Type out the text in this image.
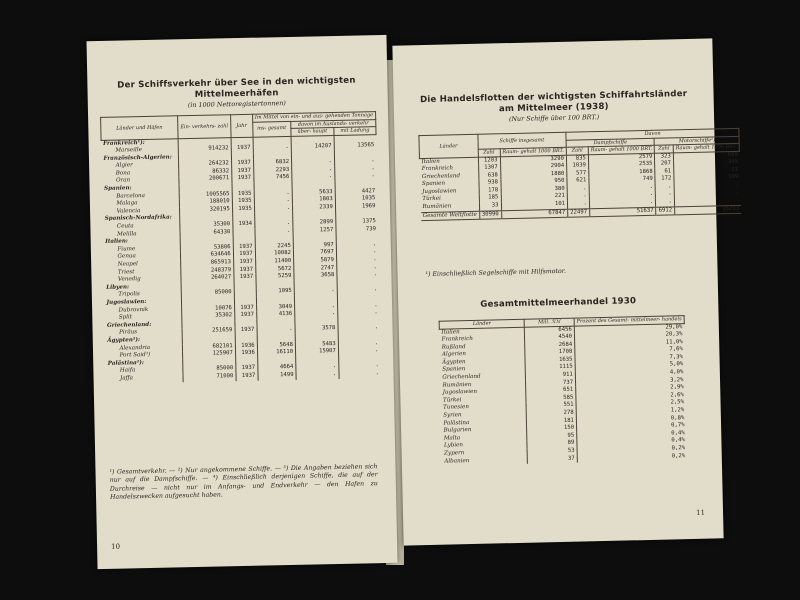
Der Schiffsverkehr über See in den wichtigsten Mittelmeerhäfen
(in 1000 Nettoregistertonnen)
Länder und Häfen	Ein- verkehrs- zahl	Jahr	Im Mittel von ein- und aus- gehenden Tonnage		
			ins- gesamt	davon im Auslands- verkehr	
				über- haupt	mit Ladung
Frankreich¹):					
Marseille	914232	1937	.	14207	13565
Französisch-Algerien:					
Algier	264232	1937	6832	.	.
Bona	86332	1937	2293	.	.
Oran	200671	1937	7456	.	.
Spanien:					
Barcelona	1005565	1935	.	5633	4427
Malaga	188010	1935	.	1803	1035
Valencia	320195	1935	.	2339	1969
Spanisch-Nordafrika:					
Ceuta	35300	1934	.	2899	1375
Melilla	64330		.	1257	739
Italien:					
Fiume	53806	1937	2245	997	.
Genua	634646	1937	10082	7697	.
Neapel	865913	1937	11400	5879	.
Triest	248379	1937	5672	2747	.
Venedig	264027	1937	5259	3658	.
Libyen:					
Tripolis	85000		1095	.	.
Jugoslawien:					
Dubrovnik	10076	1937	3049	.	.
Split	35302	1937	4136	.	.
Griechenland:					
Piräus	251659	1937	.	3578	.
Ägypten²):					
Alexandria	682101	1936	5648	5483	.
Port Said³)	125907	1936	16110	15907	.
Palästina²):					
Haifa	85000	1937	4664	.	.
Jaffa	71000	1937	1499	.	.
¹) Gesamtverkehr. — ²) Nur angekommene Schiffe. — ³) Die Angaben beziehen sich nur auf die Dampfschiffe. — ⁴) Einschließlich derjenigen Schiffe, die auf der Durchreise — nicht nur im Anfangs- und Endverkehr — den Hafen zu Handelszwecken aufgesucht haben.
10
Die Handelsflotten der wichtigsten Schiffahrtsländer am Mittelmeer (1938)
(Nur Schiffe über 100 BRT.)
Länder	Schiffe insgesamt		Davon			
			Dampfschiffe		Motorschiffe¹)	
	Zahl	Raum- gehalt 1000 BRT.	Zahl	Raum- gehalt 1000 BRT.	Zahl	Raum- gehalt 1000 BRT.
Italien	1203	3290	835	2579	323	680
Frankreich	1307	2904	1039	2535	207	345
Griechenland	638	1880	577	1868	61	21
Spanien	938	950	621	749	172	199
Jugoslawien	178	380	.	.	.	.
Türkei	185	221	.	.	.	.
Rumänien	33	101	.	.	.	.
Gesamte Weltflotte	30990	67847	22497	51637	6912	15233
¹) Einschließlich Segelschiffe mit Hilfsmotor.
Gesamtmittelmeerhandel 1930
Länder	Mill. ℛℳ	Prozent des Gesamt- mittelmeer- handels
Italien	6456	29,0%
Frankreich	4540	20,3%
Rußland	2684	11,0%
Algerien	1708	7,6%
Ägypten	1635	7,3%
Spanien	1115	5,0%
Griechenland	911	4,0%
Rumänien	737	3,2%
Jugoslawien	651	2,9%
Türkei	585	2,6%
Tunesien	551	2,5%
Syrien	278	1,2%
Palästina	181	0,8%
Bulgarien	150	0,7%
Malta	95	0,4%
Lybien	89	0,4%
Zypern	53	0,2%
Albanien	37	0,2%
11
